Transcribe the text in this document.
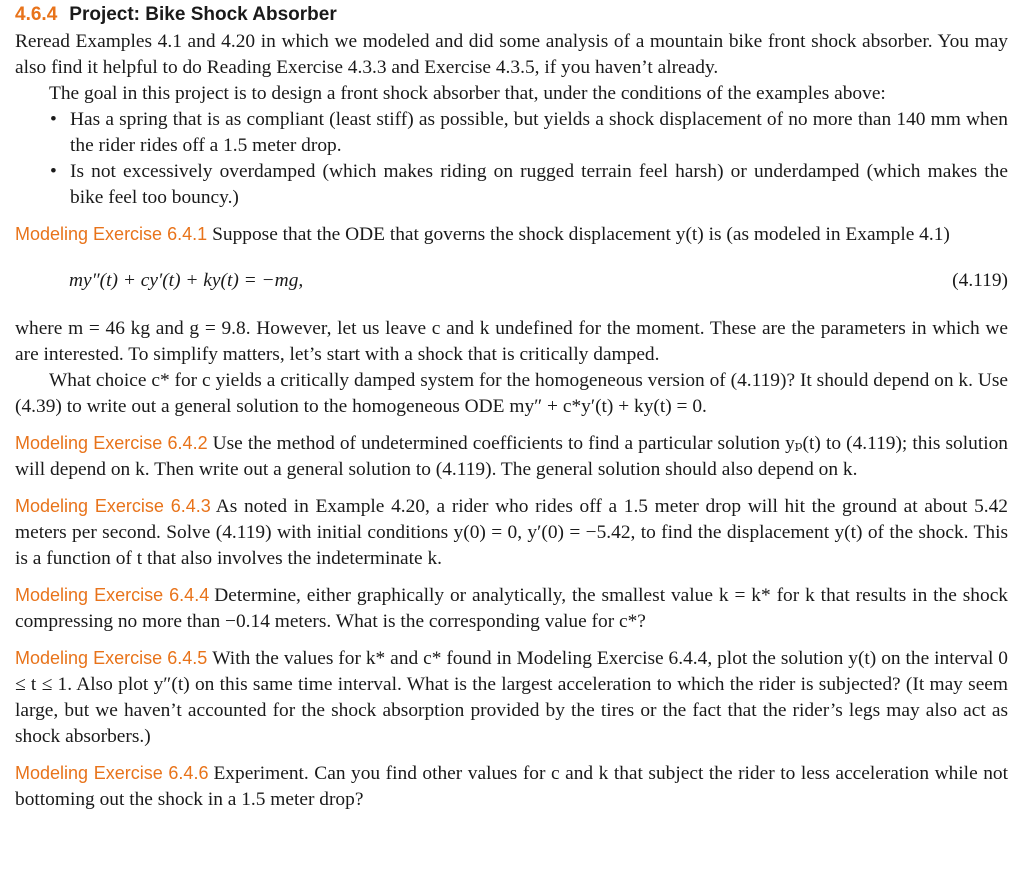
4.6.4 Project: Bike Shock Absorber

Reread Examples 4.1 and 4.20 in which we modeled and did some analysis of a mountain bike front shock absorber. You may also find it helpful to do Reading Exercise 4.3.3 and Exercise 4.3.5, if you haven’t already.

The goal in this project is to design a front shock absorber that, under the conditions of the examples above:

• Has a spring that is as compliant (least stiff) as possible, but yields a shock displacement of no more than 140 mm when the rider rides off a 1.5 meter drop.
• Is not excessively overdamped (which makes riding on rugged terrain feel harsh) or underdamped (which makes the bike feel too bouncy.)

Modeling Exercise 6.4.1 Suppose that the ODE that governs the shock displacement y(t) is (as modeled in Example 4.1)

my″(t) + cy′(t) + ky(t) = −mg,	(4.119)

where m = 46 kg and g = 9.8. However, let us leave c and k undefined for the moment. These are the parameters in which we are interested. To simplify matters, let’s start with a shock that is critically damped.

What choice c* for c yields a critically damped system for the homogeneous version of (4.119)? It should depend on k. Use (4.39) to write out a general solution to the homogeneous ODE my″ + c*y′(t) + ky(t) = 0.

Modeling Exercise 6.4.2 Use the method of undetermined coefficients to find a particular solution yₚ(t) to (4.119); this solution will depend on k. Then write out a general solution to (4.119). The general solution should also depend on k.

Modeling Exercise 6.4.3 As noted in Example 4.20, a rider who rides off a 1.5 meter drop will hit the ground at about 5.42 meters per second. Solve (4.119) with initial conditions y(0) = 0, y′(0) = −5.42, to find the displacement y(t) of the shock. This is a function of t that also involves the indeterminate k.

Modeling Exercise 6.4.4 Determine, either graphically or analytically, the smallest value k = k* for k that results in the shock compressing no more than −0.14 meters. What is the corresponding value for c*?

Modeling Exercise 6.4.5 With the values for k* and c* found in Modeling Exercise 6.4.4, plot the solution y(t) on the interval 0 ≤ t ≤ 1. Also plot y″(t) on this same time interval. What is the largest acceleration to which the rider is subjected? (It may seem large, but we haven’t accounted for the shock absorption provided by the tires or the fact that the rider’s legs may also act as shock absorbers.)

Modeling Exercise 6.4.6 Experiment. Can you find other values for c and k that subject the rider to less acceleration while not bottoming out the shock in a 1.5 meter drop?
